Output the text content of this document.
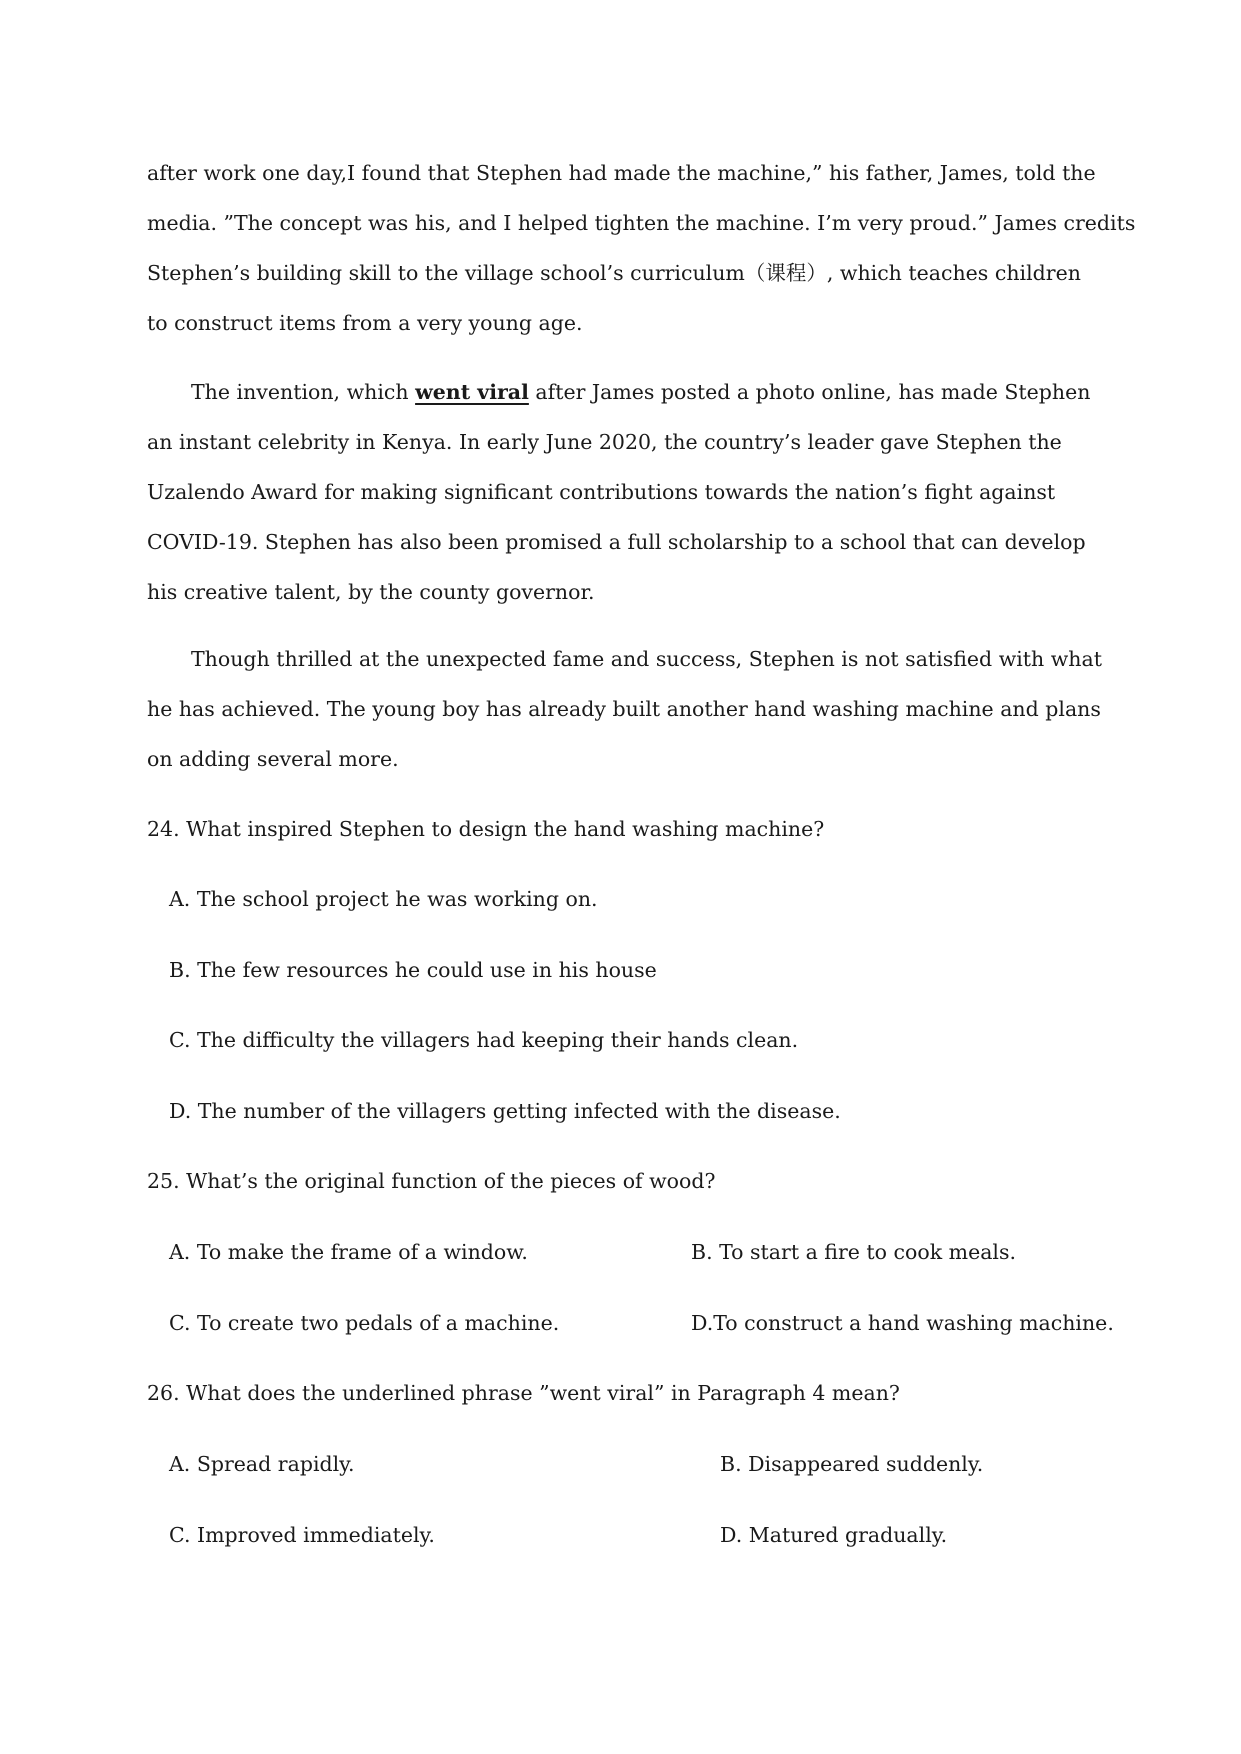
after work one day,I found that Stephen had made the machine,” his father, James, told the
media. ”The concept was his, and I helped tighten the machine. I’m very proud.” James credits
Stephen’s building skill to the village school’s curriculum（课程）, which teaches children
to construct items from a very young age.
The invention, which went viral after James posted a photo online, has made Stephen
an instant celebrity in Kenya. In early June 2020, the country’s leader gave Stephen the
Uzalendo Award for making significant contributions towards the nation’s fight against
COVID-19. Stephen has also been promised a full scholarship to a school that can develop
his creative talent, by the county governor.
Though thrilled at the unexpected fame and success, Stephen is not satisfied with what
he has achieved. The young boy has already built another hand washing machine and plans
on adding several more.
24. What inspired Stephen to design the hand washing machine?
A. The school project he was working on.
B. The few resources he could use in his house
C. The difficulty the villagers had keeping their hands clean.
D. The number of the villagers getting infected with the disease.
25. What’s the original function of the pieces of wood?
A. To make the frame of a window.	B. To start a fire to cook meals.
C. To create two pedals of a machine.	D.To construct a hand washing machine.
26. What does the underlined phrase ”went viral” in Paragraph 4 mean?
A. Spread rapidly.	B. Disappeared suddenly.
C. Improved immediately.	D. Matured gradually.
